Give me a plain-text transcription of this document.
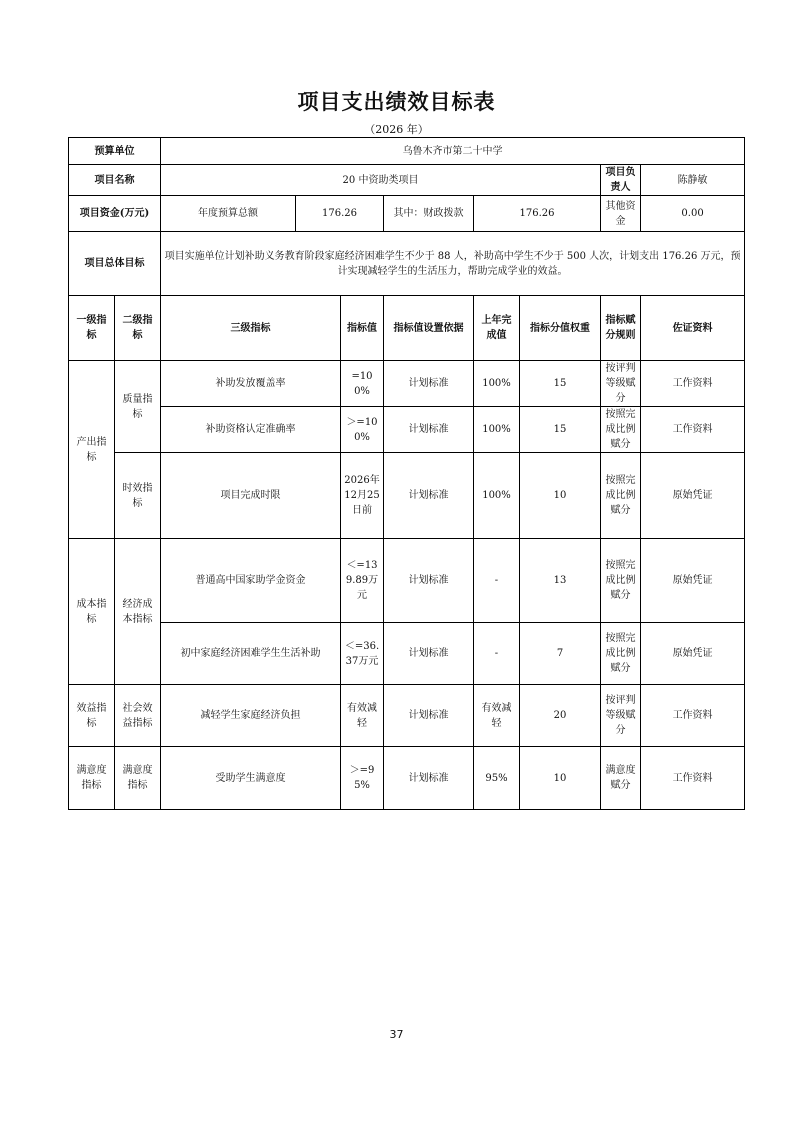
项目支出绩效目标表
（2026 年）
预算单位		乌鲁木齐市第二十中学							
项目名称		20 中资助类项目						项目负责人	陈静敏
项目资金(万元)		年度预算总额	176.26		其中：财政拨款	176.26		其他资金	0.00
项目总体目标		项目实施单位计划补助义务教育阶段家庭经济困难学生不少于 88 人，补助高中学生不少于 500 人次，计划支出 176.26 万元，预计实现减轻学生的生活压力，帮助完成学业的效益。							
一级指标	二级指标	三级指标		指标值	指标值设置依据	上年完成值	指标分值权重	指标赋分规则	佐证资料
产出指标	质量指标	补助发放覆盖率		=100%	计划标准	100%	15	按评判等级赋分	工作资料
		补助资格认定准确率		＞=100%	计划标准	100%	15	按照完成比例赋分	工作资料
	时效指标	项目完成时限		2026年12月25日前	计划标准	100%	10	按照完成比例赋分	原始凭证
成本指标	经济成本指标	普通高中国家助学金资金		＜=139.89万元	计划标准	-	13	按照完成比例赋分	原始凭证
		初中家庭经济困难学生生活补助		＜=36.37万元	计划标准	-	7	按照完成比例赋分	原始凭证
效益指标	社会效益指标	减轻学生家庭经济负担		有效减轻	计划标准	有效减轻	20	按评判等级赋分	工作资料
满意度指标	满意度指标	受助学生满意度		＞=95%	计划标准	95%	10	满意度赋分	工作资料
37
